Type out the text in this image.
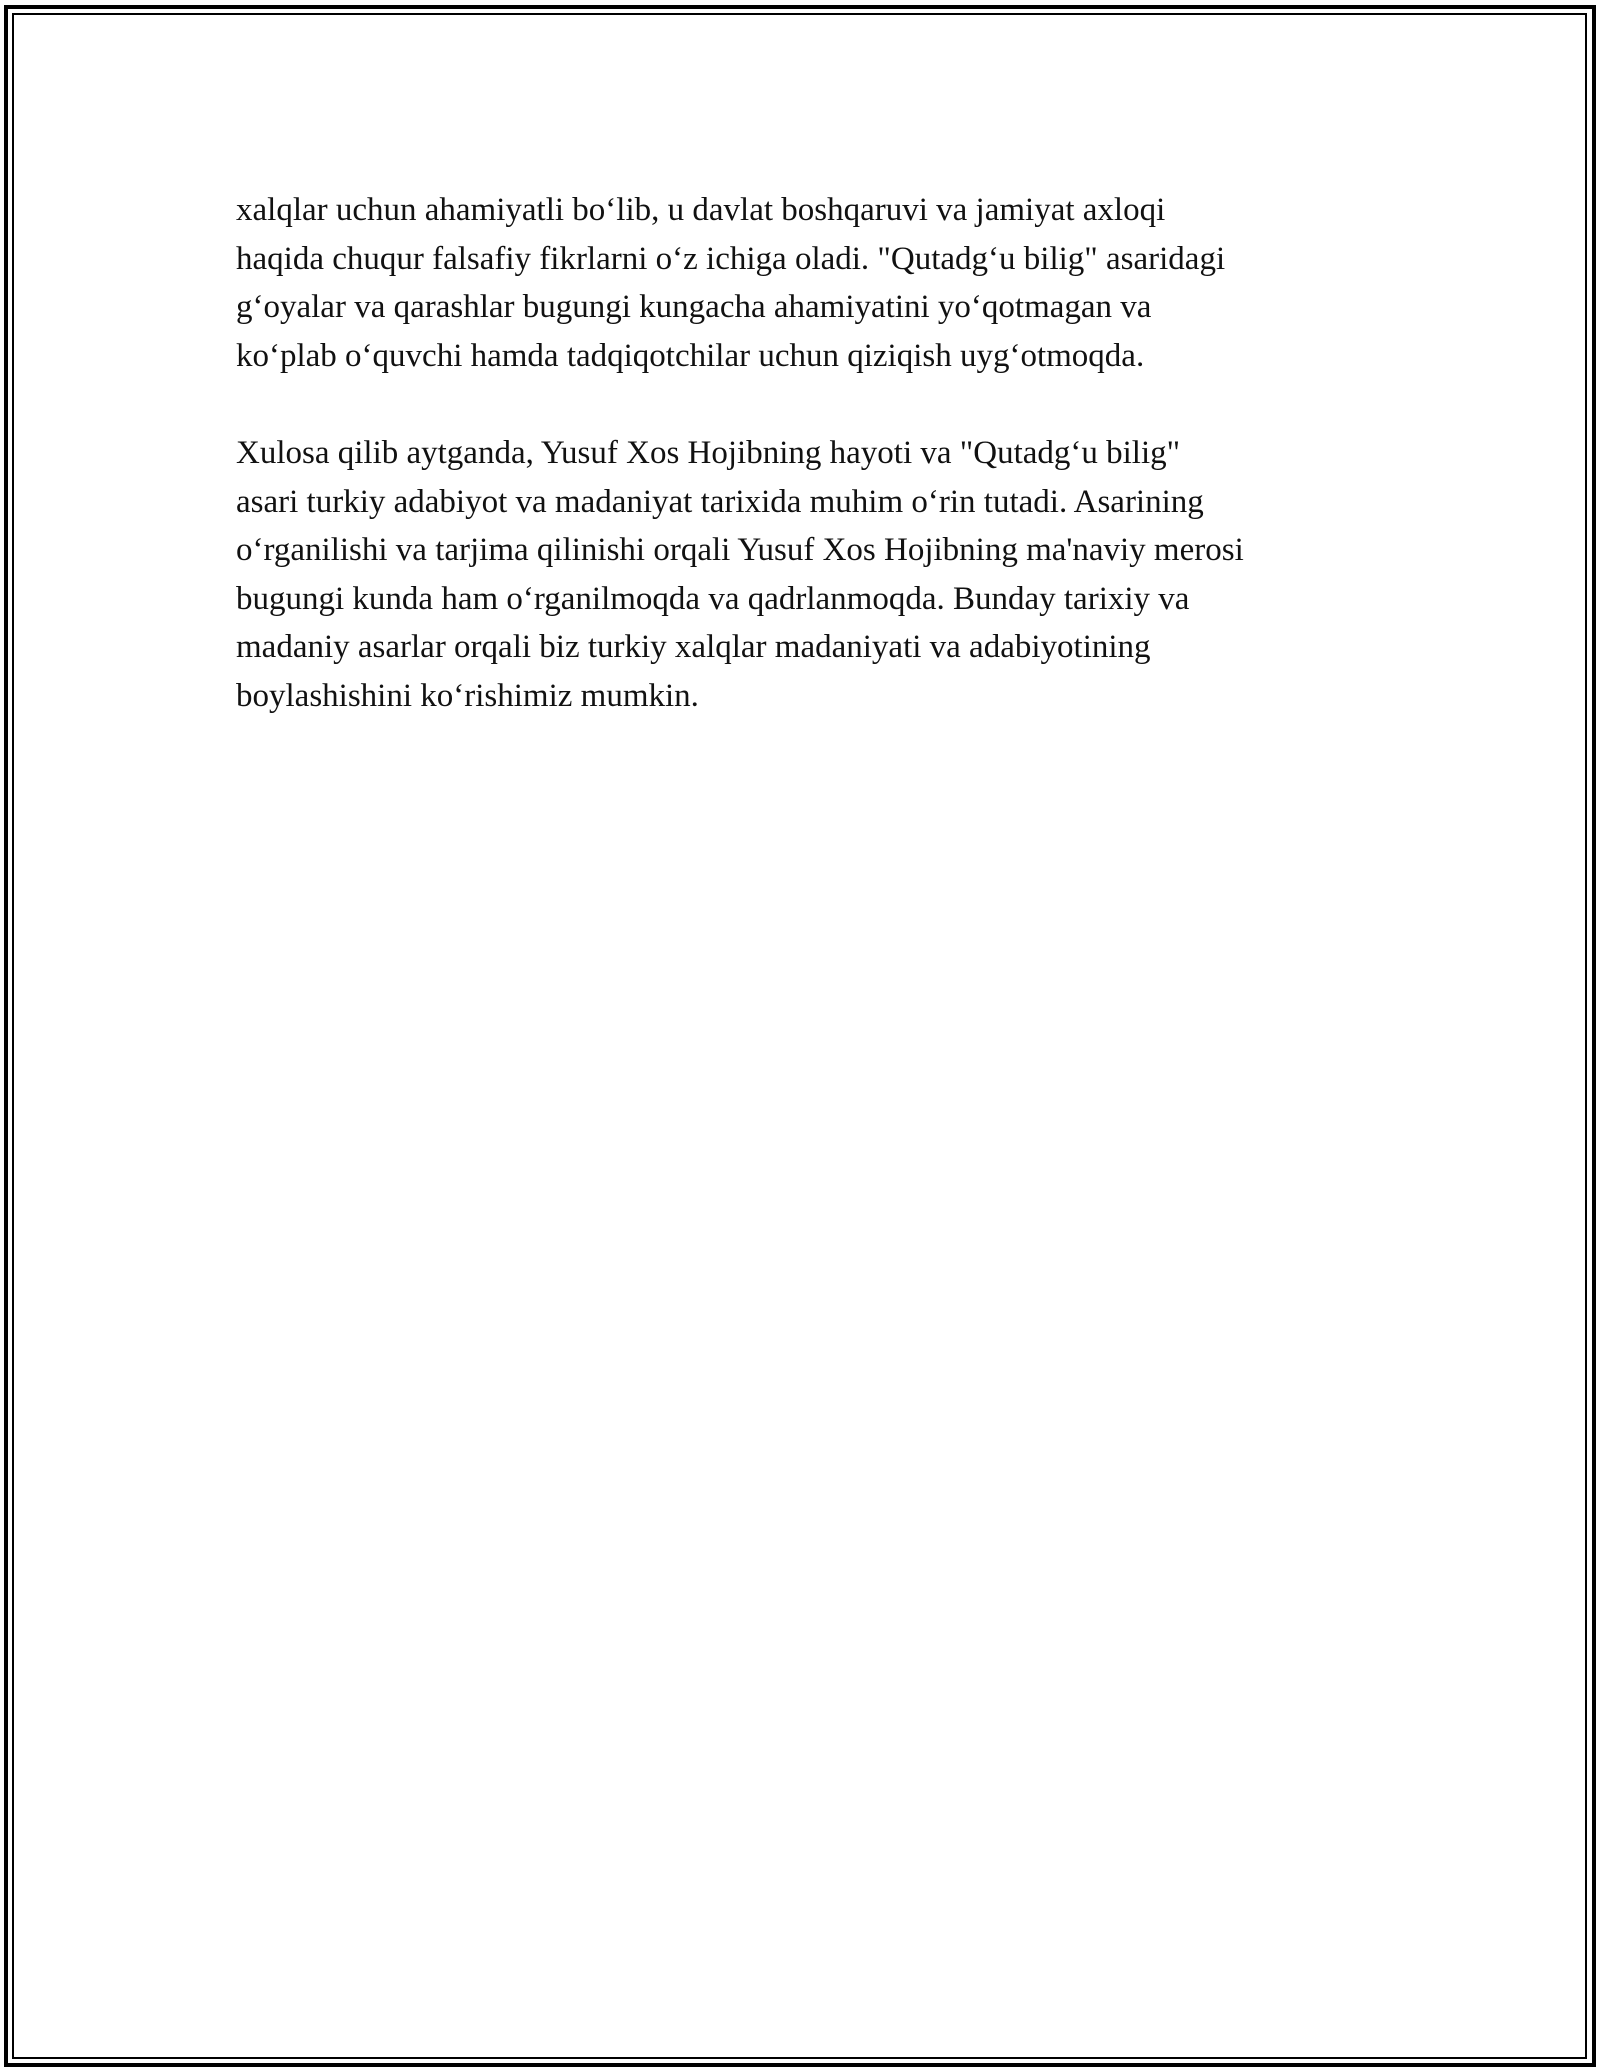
xalqlar uchun ahamiyatli bo‘lib, u davlat boshqaruvi va jamiyat axloqi
haqida chuqur falsafiy fikrlarni o‘z ichiga oladi. "Qutadg‘u bilig" asaridagi
g‘oyalar va qarashlar bugungi kungacha ahamiyatini yo‘qotmagan va
ko‘plab o‘quvchi hamda tadqiqotchilar uchun qiziqish uyg‘otmoqda.

Xulosa qilib aytganda, Yusuf Xos Hojibning hayoti va "Qutadg‘u bilig"
asari turkiy adabiyot va madaniyat tarixida muhim o‘rin tutadi. Asarining
o‘rganilishi va tarjima qilinishi orqali Yusuf Xos Hojibning ma'naviy merosi
bugungi kunda ham o‘rganilmoqda va qadrlanmoqda. Bunday tarixiy va
madaniy asarlar orqali biz turkiy xalqlar madaniyati va adabiyotining
boylashishini ko‘rishimiz mumkin.
